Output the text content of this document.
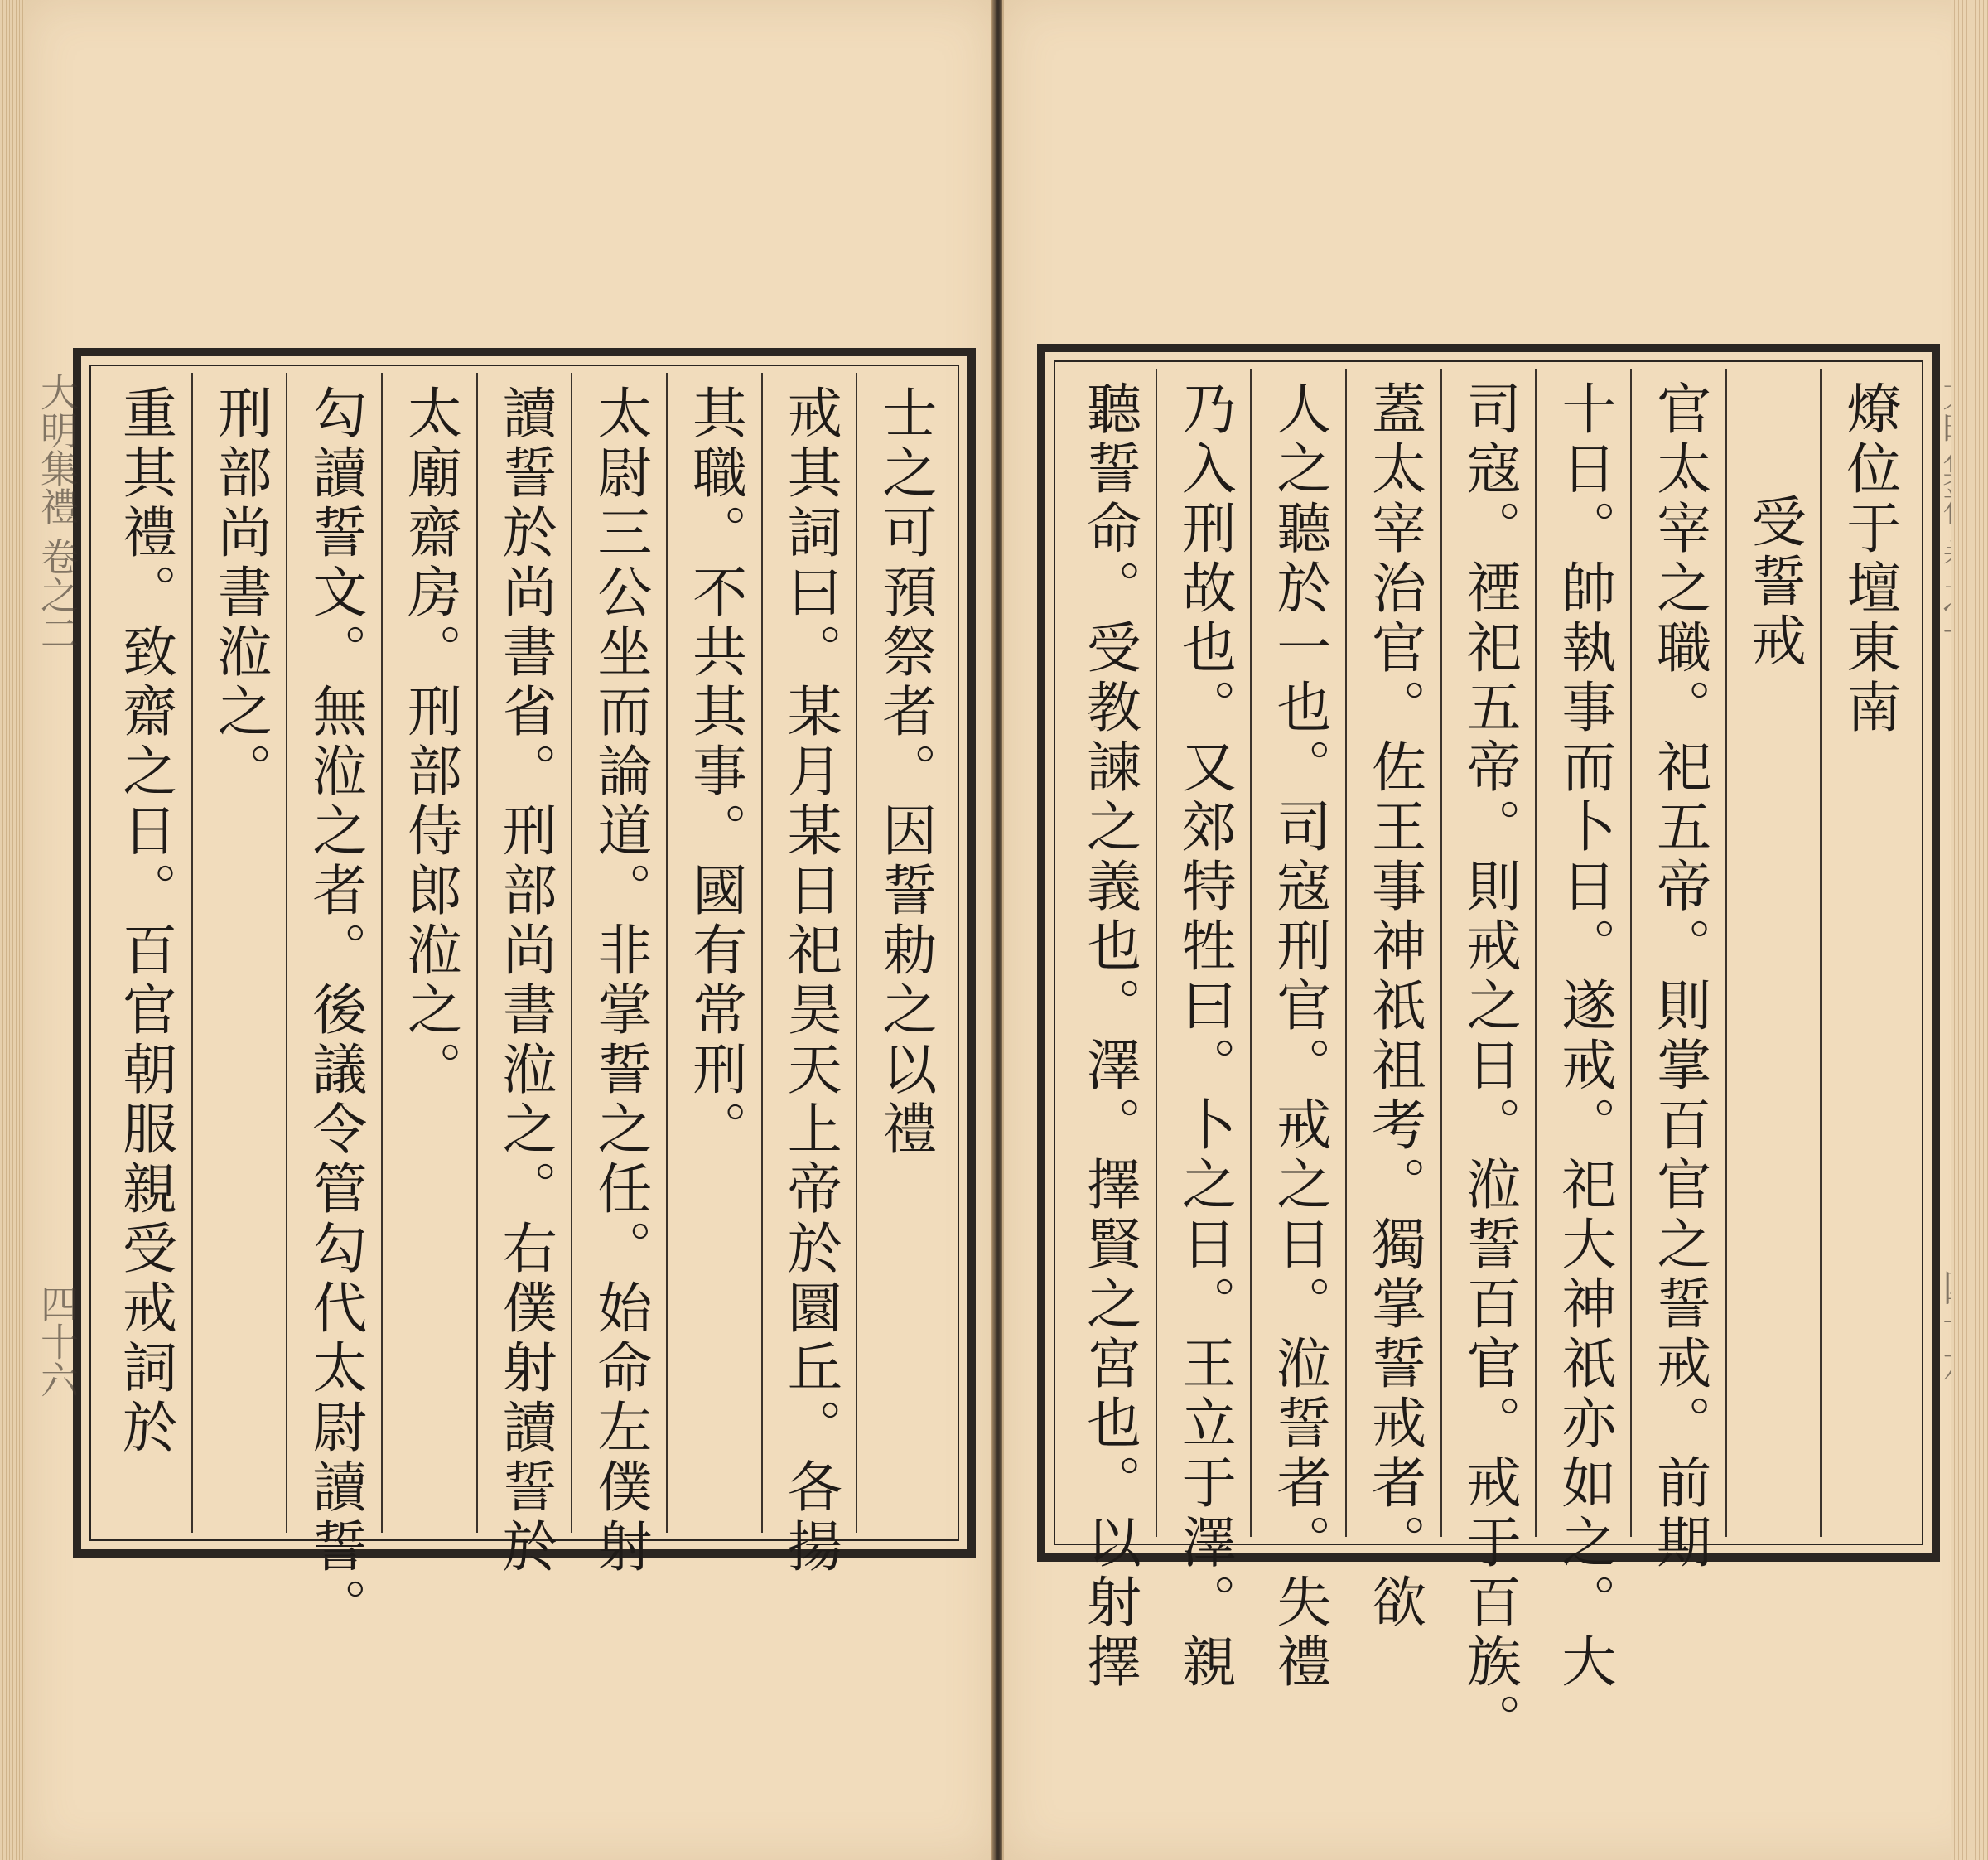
士之可預祭者。因誓勅之以禮
戒其詞曰。某月某日祀昊天上帝於圜丘。各揚
其職。不共其事。國有常刑。
太尉三公坐而論道。非掌誓之任。始命左僕射
讀誓於尚書省。刑部尚書涖之。右僕射讀誓於
太廟齋房。刑部侍郎涖之。
勾讀誓文。無涖之者。後議令管勾代太尉讀誓。
刑部尚書涖之。
重其禮。致齋之日。百官朝服親受戒詞於
大明集禮 卷之二
四十六
燎位于壇東南
受誓戒
官太宰之職。祀五帝。則掌百官之誓戒。前期
十日。帥執事而卜日。遂戒。祀大神祇亦如之。大
司寇。禋祀五帝。則戒之日。涖誓百官。戒于百族。
蓋太宰治官。佐王事神祇祖考。獨掌誓戒者。欲
人之聽於一也。司寇刑官。戒之日。涖誓者。失禮
乃入刑故也。又郊特牲曰。卜之日。王立于澤。親
聽誓命。受教諫之義也。澤。擇賢之宮也。以射擇
